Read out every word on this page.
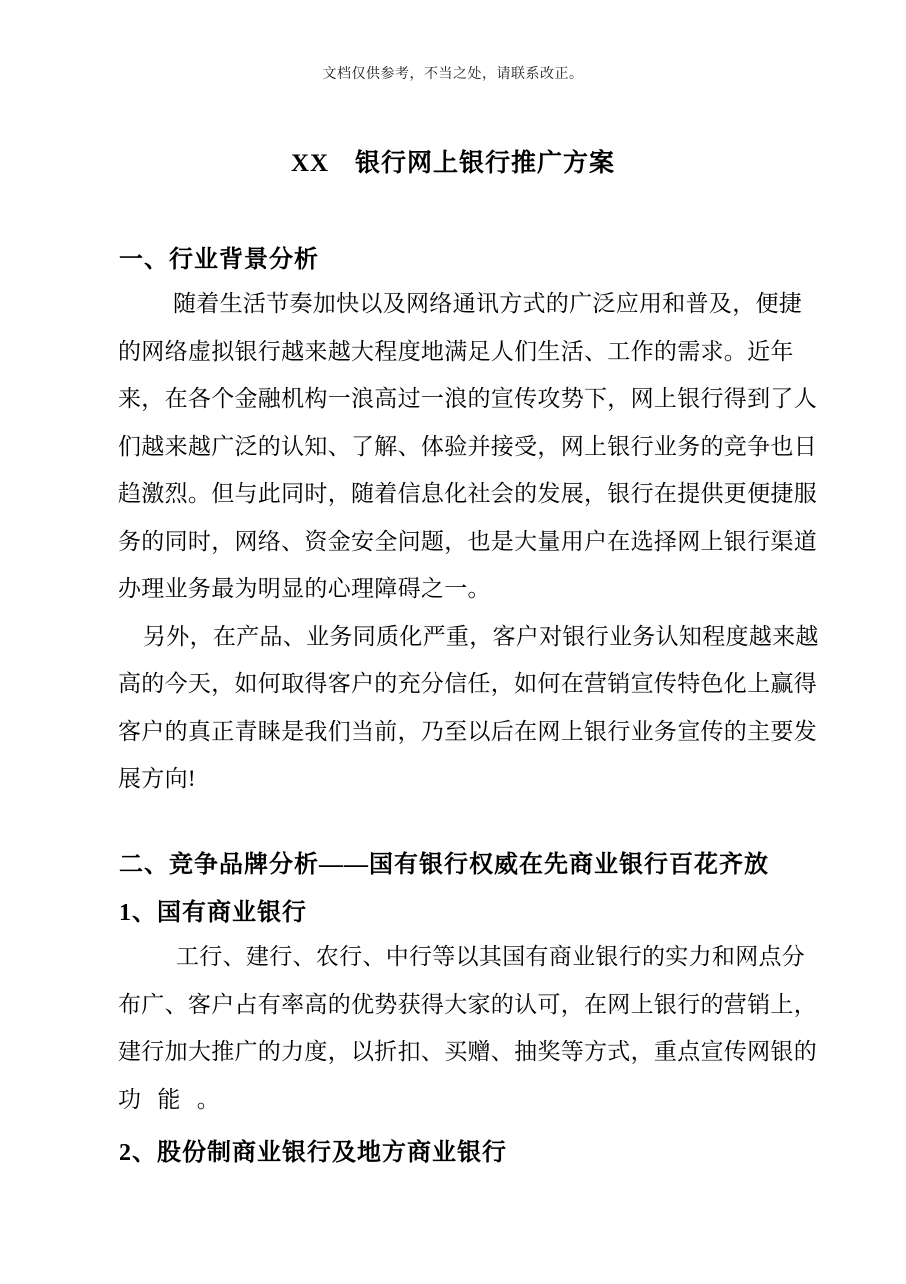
文档仅供参考，不当之处，请联系改正。
XX　银行网上银行推广方案
一、行业背景分析
随着生活节奏加快以及网络通讯方式的广泛应用和普及，便捷
的网络虚拟银行越来越大程度地满足人们生活、工作的需求。近年
来，在各个金融机构一浪高过一浪的宣传攻势下，网上银行得到了人
们越来越广泛的认知、了解、体验并接受，网上银行业务的竞争也日
趋激烈。但与此同时，随着信息化社会的发展，银行在提供更便捷服
务的同时，网络、资金安全问题，也是大量用户在选择网上银行渠道
办理业务最为明显的心理障碍之一。
另外，在产品、业务同质化严重，客户对银行业务认知程度越来越
高的今天，如何取得客户的充分信任，如何在营销宣传特色化上赢得
客户的真正青睐是我们当前，乃至以后在网上银行业务宣传的主要发
展方向!
二、竞争品牌分析——国有银行权威在先商业银行百花齐放
1、国有商业银行
工行、建行、农行、中行等以其国有商业银行的实力和网点分
布广、客户占有率高的优势获得大家的认可，在网上银行的营销上，
建行加大推广的力度，以折扣、买赠、抽奖等方式，重点宣传网银的
功 能 。
2、股份制商业银行及地方商业银行
